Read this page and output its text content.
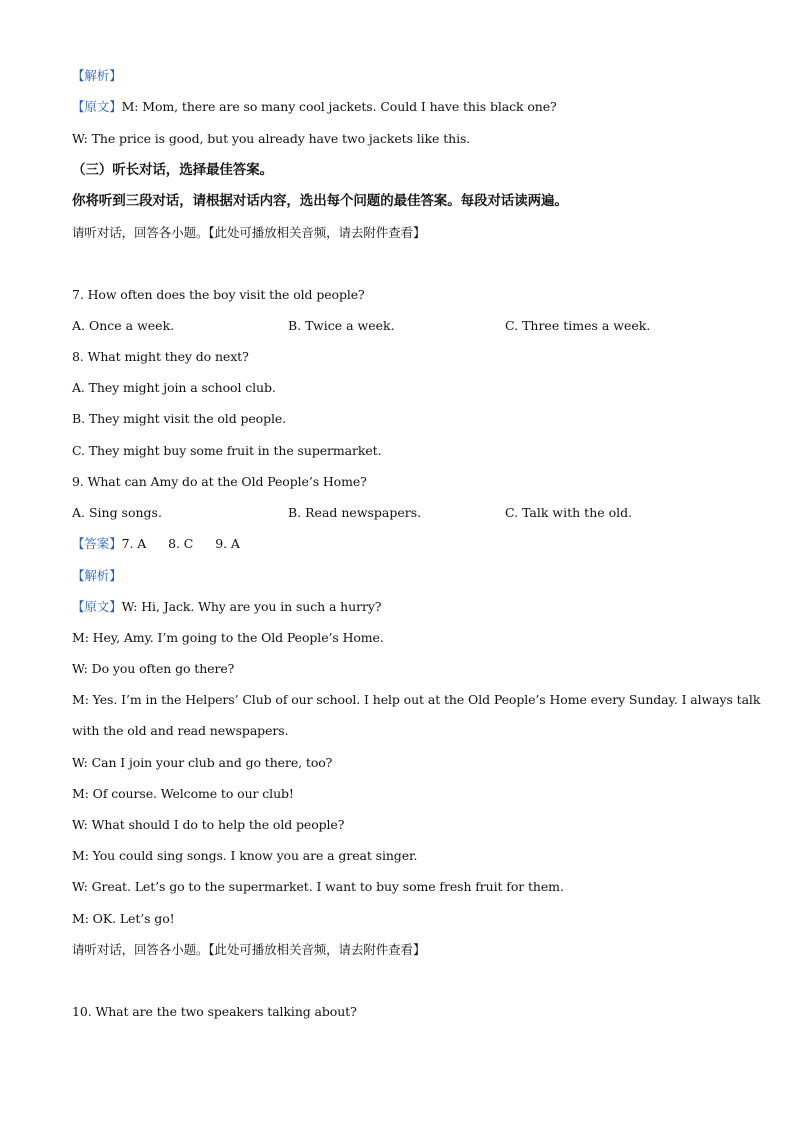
【解析】
【原文】M: Mom, there are so many cool jackets. Could I have this black one?
W: The price is good, but you already have two jackets like this.
（三）听长对话，选择最佳答案。
你将听到三段对话，请根据对话内容，选出每个问题的最佳答案。每段对话读两遍。
请听对话，回答各小题。【此处可播放相关音频，请去附件查看】
7. How often does the boy visit the old people?
A. Once a week.	B. Twice a week.	C. Three times a week.
8. What might they do next?
A. They might join a school club.
B. They might visit the old people.
C. They might buy some fruit in the supermarket.
9. What can Amy do at the Old People’s Home?
A. Sing songs.	B. Read newspapers.	C. Talk with the old.
【答案】7. A 8. C 9. A
【解析】
【原文】W: Hi, Jack. Why are you in such a hurry?
M: Hey, Amy. I’m going to the Old People’s Home.
W: Do you often go there?
M: Yes. I’m in the Helpers’ Club of our school. I help out at the Old People’s Home every Sunday. I always talk
with the old and read newspapers.
W: Can I join your club and go there, too?
M: Of course. Welcome to our club!
W: What should I do to help the old people?
M: You could sing songs. I know you are a great singer.
W: Great. Let’s go to the supermarket. I want to buy some fresh fruit for them.
M: OK. Let’s go!
请听对话，回答各小题。【此处可播放相关音频，请去附件查看】
10. What are the two speakers talking about?
